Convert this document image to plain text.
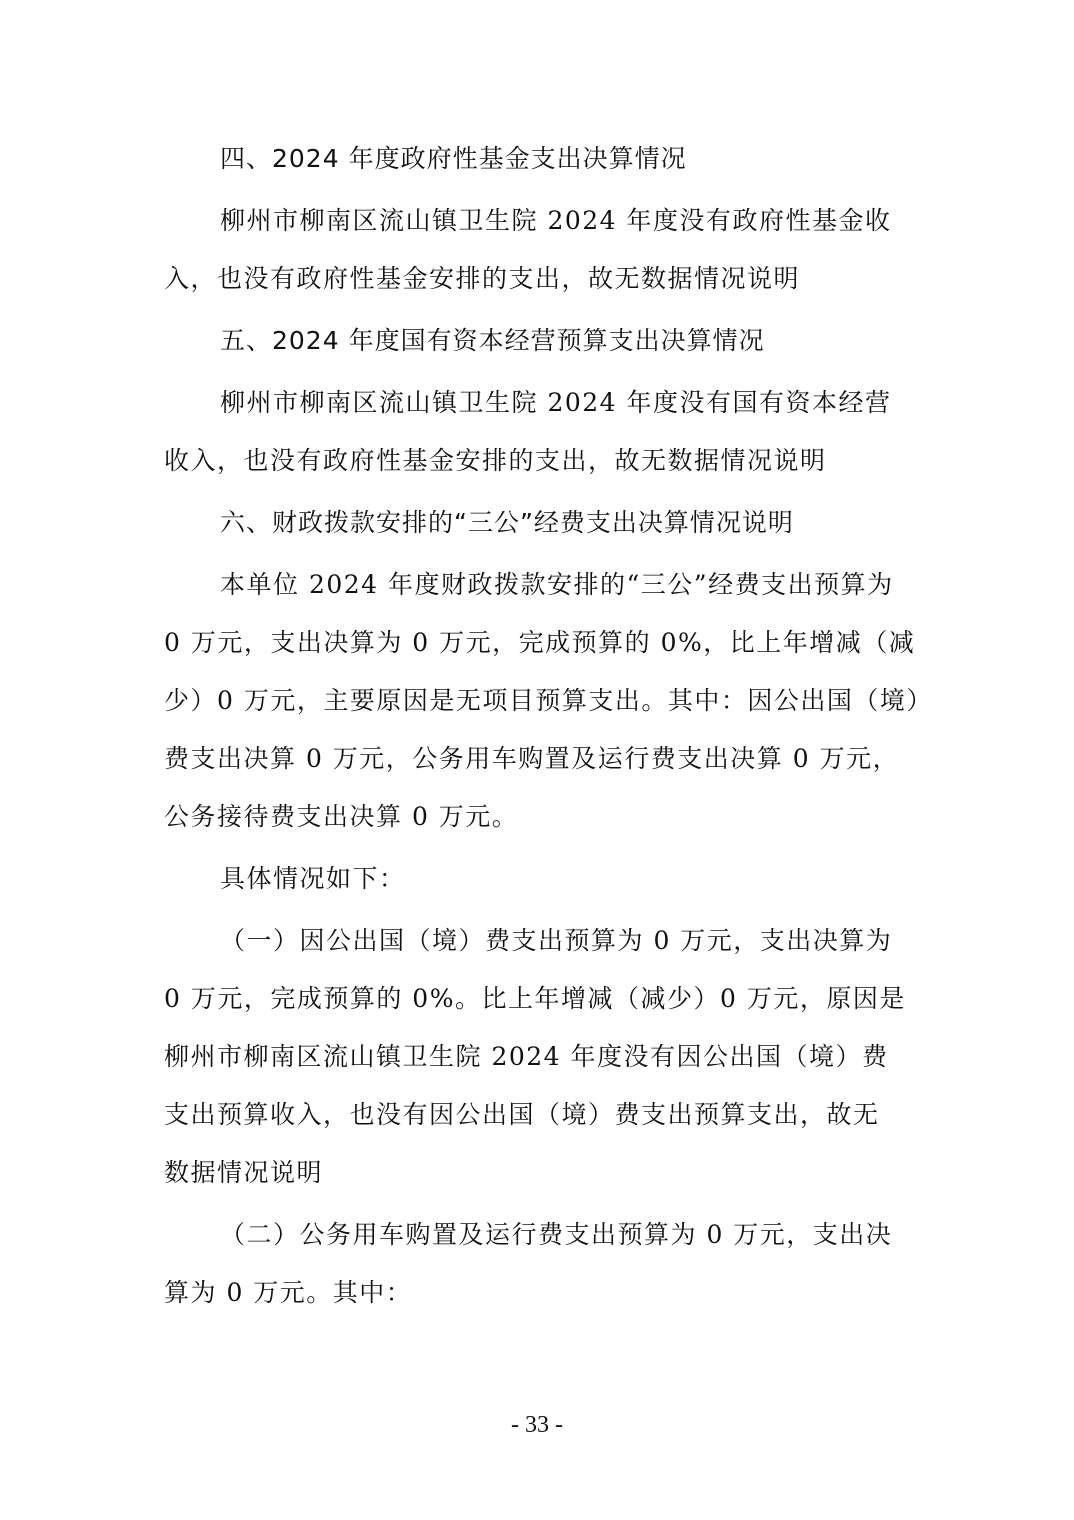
四、2024 年度政府性基金支出决算情况
柳州市柳南区流山镇卫生院 2024 年度没有政府性基金收
入，也没有政府性基金安排的支出，故无数据情况说明
五、2024 年度国有资本经营预算支出决算情况
柳州市柳南区流山镇卫生院 2024 年度没有国有资本经营
收入，也没有政府性基金安排的支出，故无数据情况说明
六、财政拨款安排的“三公”经费支出决算情况说明
本单位 2024 年度财政拨款安排的“三公”经费支出预算为
0 万元，支出决算为 0 万元，完成预算的 0%，比上年增减（减
少）0 万元，主要原因是无项目预算支出。其中：因公出国（境）
费支出决算 0 万元，公务用车购置及运行费支出决算 0 万元，
公务接待费支出决算 0 万元。
具体情况如下：
（一）因公出国（境）费支出预算为 0 万元，支出决算为
0 万元，完成预算的 0%。比上年增减（减少）0 万元，原因是
柳州市柳南区流山镇卫生院 2024 年度没有因公出国（境）费
支出预算收入，也没有因公出国（境）费支出预算支出，故无
数据情况说明
（二）公务用车购置及运行费支出预算为 0 万元，支出决
算为 0 万元。其中：
- 33 -
